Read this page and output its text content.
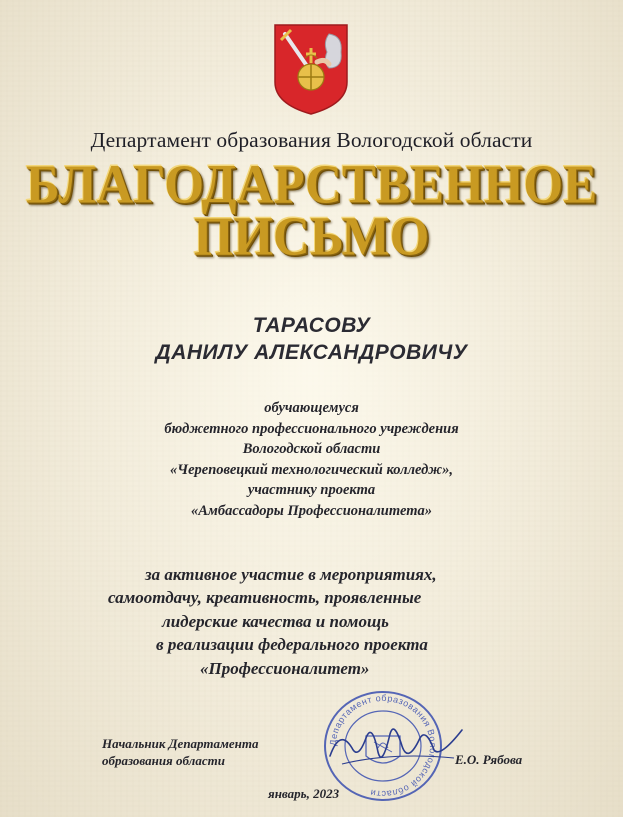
Департамент образования Вологодской области
БЛАГОДАРСТВЕННОЕ
ПИСЬМО
ТАРАСОВУ
ДАНИЛУ АЛЕКСАНДРОВИЧУ
обучающемуся
бюджетного профессионального учреждения
Вологодской области
«Череповецкий технологический колледж»,
участнику проекта
«Амбассадоры Профессионалитета»
за активное участие в мероприятиях,
самоотдачу, креативность, проявленные
лидерские качества и помощь
в реализации федерального проекта
«Профессионалитет»
Начальник Департамента
образования области
Департамент образования Вологодской области
Е.О. Рябова
январь, 2023
